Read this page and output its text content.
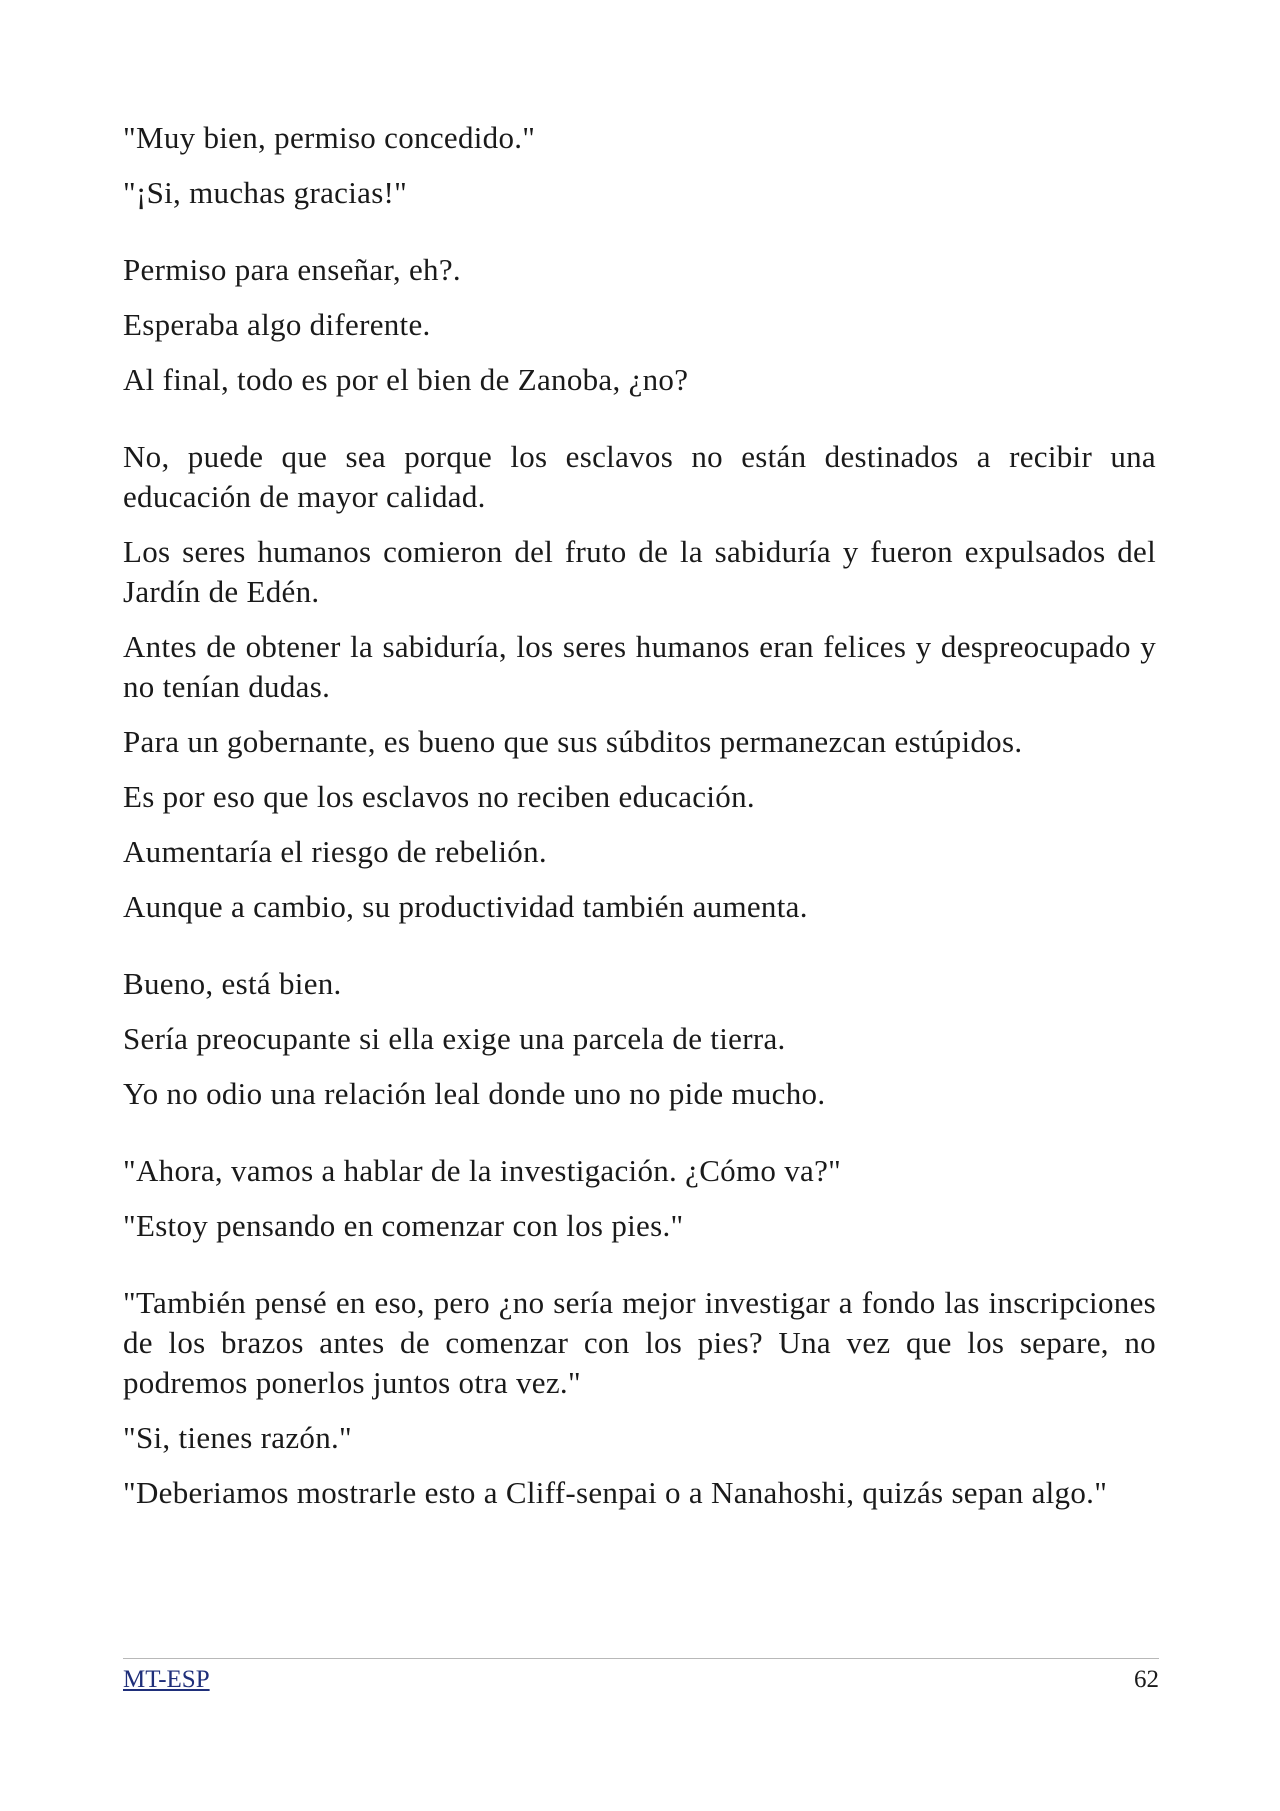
"Muy bien, permiso concedido."

"¡Si, muchas gracias!"

Permiso para enseñar, eh?.

Esperaba algo diferente.

Al final, todo es por el bien de Zanoba, ¿no?

No, puede que sea porque los esclavos no están destinados a recibir una educación de mayor calidad.

Los seres humanos comieron del fruto de la sabiduría y fueron expulsados del Jardín de Edén.

Antes de obtener la sabiduría, los seres humanos eran felices y despreocupado y no tenían dudas.

Para un gobernante, es bueno que sus súbditos permanezcan estúpidos.

Es por eso que los esclavos no reciben educación.

Aumentaría el riesgo de rebelión.

Aunque a cambio, su productividad también aumenta.

Bueno, está bien.

Sería preocupante si ella exige una parcela de tierra.

Yo no odio una relación leal donde uno no pide mucho.

"Ahora, vamos a hablar de la investigación. ¿Cómo va?"

"Estoy pensando en comenzar con los pies."

"También pensé en eso, pero ¿no sería mejor investigar a fondo las inscripciones de los brazos antes de comenzar con los pies? Una vez que los separe, no podremos ponerlos juntos otra vez."

"Si, tienes razón."

"Deberiamos mostrarle esto a Cliff-senpai o a Nanahoshi, quizás sepan algo."

MT-ESP	62
